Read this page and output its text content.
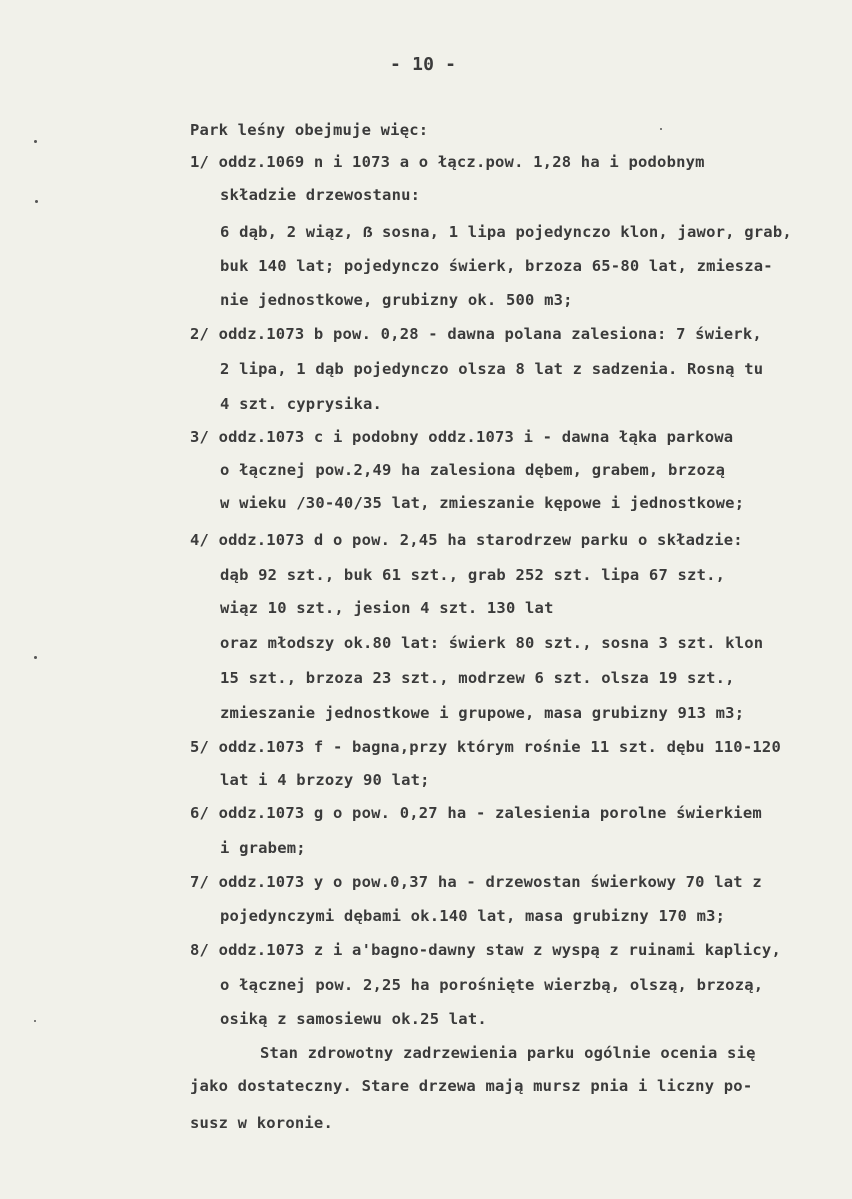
- 10 -
Park leśny obejmuje więc:
1/ oddz.1069 n i 1073 a o łącz.pow. 1,28 ha i podobnym
składzie drzewostanu:
6 dąb, 2 wiąz, ẞ sosna, 1 lipa pojedynczo klon, jawor, grab,
buk 140 lat; pojedynczo świerk, brzoza 65-80 lat, zmiesza-
nie jednostkowe, grubizny ok. 500 m3;
2/ oddz.1073 b pow. 0,28 - dawna polana zalesiona: 7 świerk,
2 lipa, 1 dąb pojedynczo olsza 8 lat z sadzenia. Rosną tu
4 szt. cyprysika.
3/ oddz.1073 c i podobny oddz.1073 i - dawna łąka parkowa
o łącznej pow.2,49 ha zalesiona dębem, grabem, brzozą
w wieku /30-40/35 lat, zmieszanie kępowe i jednostkowe;
4/ oddz.1073 d o pow. 2,45 ha starodrzew parku o składzie:
dąb 92 szt., buk 61 szt., grab 252 szt. lipa 67 szt.,
wiąz 10 szt., jesion 4 szt. 130 lat
oraz młodszy ok.80 lat: świerk 80 szt., sosna 3 szt. klon
15 szt., brzoza 23 szt., modrzew 6 szt. olsza 19 szt.,
zmieszanie jednostkowe i grupowe, masa grubizny 913 m3;
5/ oddz.1073 f - bagna,przy którym rośnie 11 szt. dębu 110-120
lat i 4 brzozy 90 lat;
6/ oddz.1073 g o pow. 0,27 ha - zalesienia porolne świerkiem
i grabem;
7/ oddz.1073 y o pow.0,37 ha - drzewostan świerkowy 70 lat z
pojedynczymi dębami ok.140 lat, masa grubizny 170 m3;
8/ oddz.1073 z i a'bagno-dawny staw z wyspą z ruinami kaplicy,
o łącznej pow. 2,25 ha porośnięte wierzbą, olszą, brzozą,
osiką z samosiewu ok.25 lat.
Stan zdrowotny zadrzewienia parku ogólnie ocenia się
jako dostateczny. Stare drzewa mają mursz pnia i liczny po-
susz w koronie.
